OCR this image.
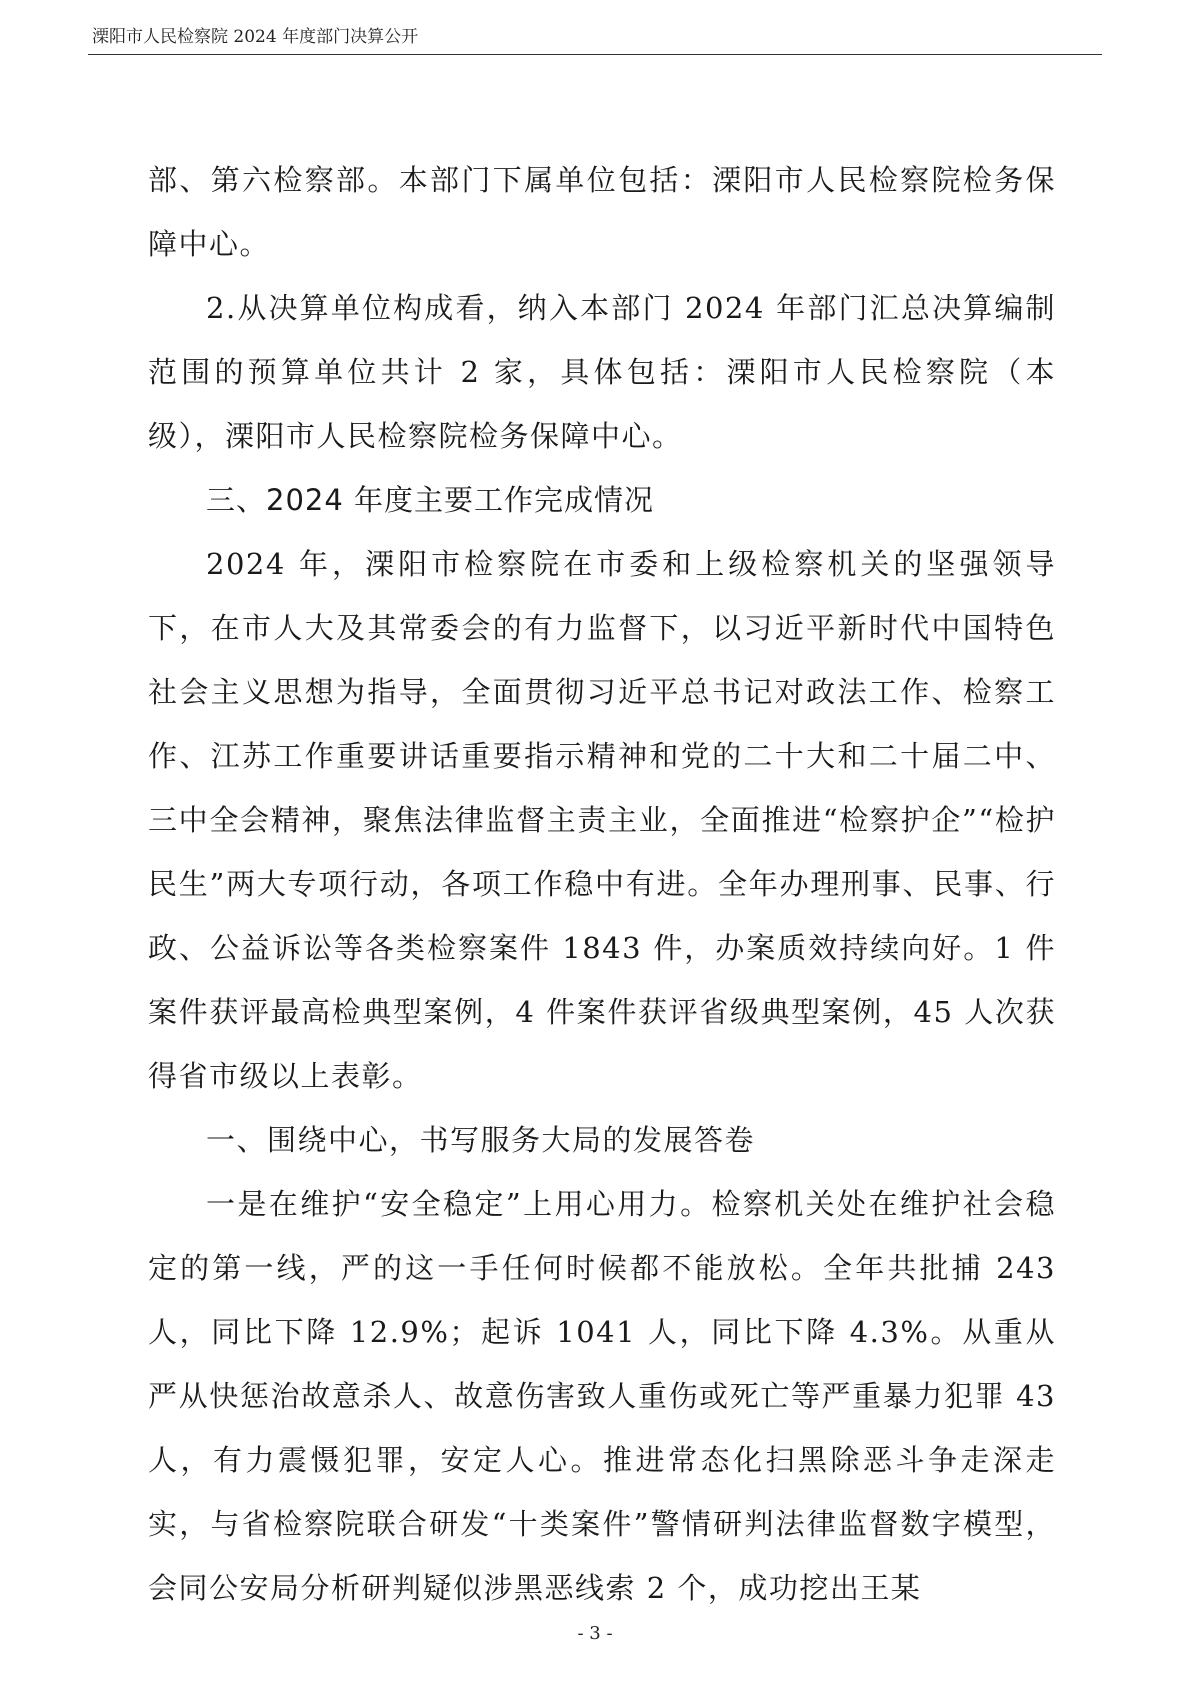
溧阳市人民检察院 2024 年度部门决算公开

部、第六检察部。本部门下属单位包括：溧阳市人民检察院检务保障中心。

2.从决算单位构成看，纳入本部门 2024 年部门汇总决算编制范围的预算单位共计 2 家，具体包括：溧阳市人民检察院（本级），溧阳市人民检察院检务保障中心。

三、2024 年度主要工作完成情况

2024 年，溧阳市检察院在市委和上级检察机关的坚强领导下，在市人大及其常委会的有力监督下，以习近平新时代中国特色社会主义思想为指导，全面贯彻习近平总书记对政法工作、检察工作、江苏工作重要讲话重要指示精神和党的二十大和二十届二中、三中全会精神，聚焦法律监督主责主业，全面推进“检察护企”“检护民生”两大专项行动，各项工作稳中有进。全年办理刑事、民事、行政、公益诉讼等各类检察案件 1843 件，办案质效持续向好。1 件案件获评最高检典型案例，4 件案件获评省级典型案例，45 人次获得省市级以上表彰。

一、围绕中心，书写服务大局的发展答卷

一是在维护“安全稳定”上用心用力。检察机关处在维护社会稳定的第一线，严的这一手任何时候都不能放松。全年共批捕 243 人，同比下降 12.9%；起诉 1041 人，同比下降 4.3%。从重从严从快惩治故意杀人、故意伤害致人重伤或死亡等严重暴力犯罪 43 人，有力震慑犯罪，安定人心。推进常态化扫黑除恶斗争走深走实，与省检察院联合研发“十类案件”警情研判法律监督数字模型，会同公安局分析研判疑似涉黑恶线索 2 个，成功挖出王某

- 3 -
